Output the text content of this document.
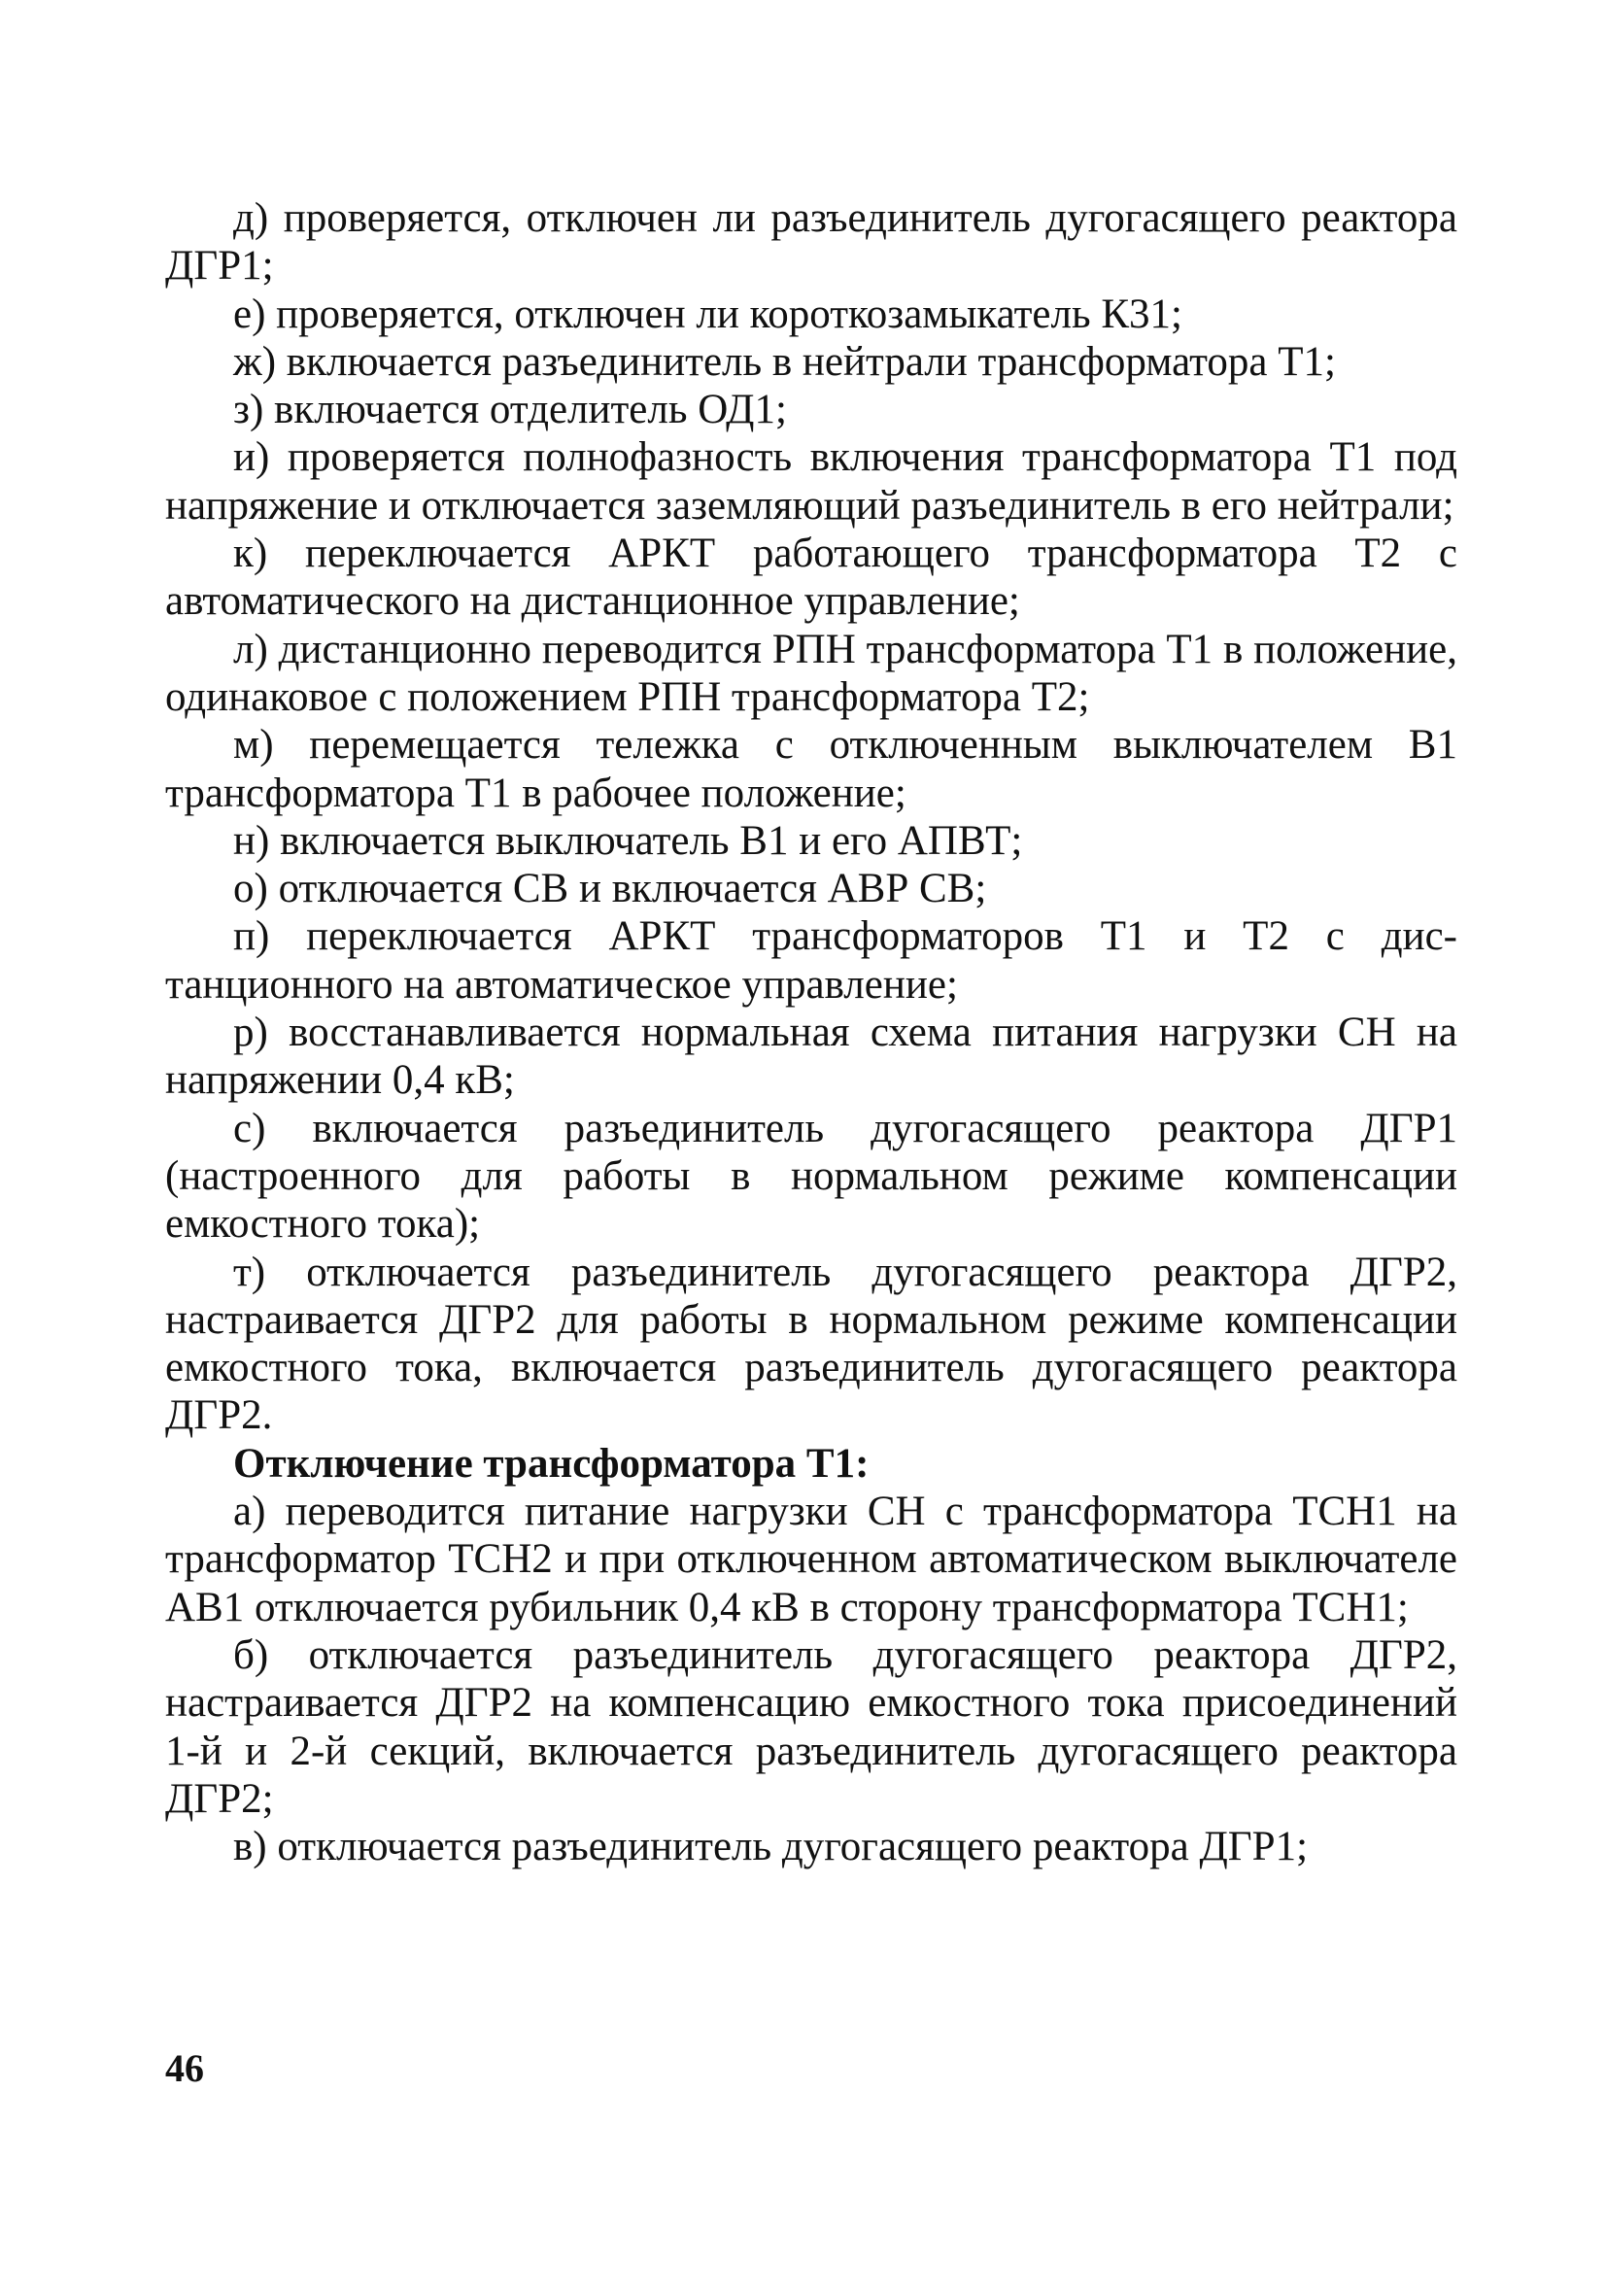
д) проверяется, отключен ли разъединитель дугогасящего реактора ДГР1;

е) проверяется, отключен ли короткозамыкатель К31;

ж) включается разъединитель в нейтрали трансформатора Т1;

з) включается отделитель ОД1;

и) проверяется полнофазность включения трансформатора Т1 под напряжение и отключается заземляющий разъединитель в его нейтрали;

к) переключается АРКТ работающего трансформатора Т2 с автоматического на дистанционное управление;

л) дистанционно переводится РПН трансформатора Т1 в положение, одинаковое с положением РПН трансформатора Т2;

м) перемещается тележка с отключенным выключателем В1 трансформатора Т1 в рабочее положение;

н) включается выключатель В1 и его АПВТ;

о) отключается СВ и включается АВР СВ;

п) переключается АРКТ трансформаторов Т1 и Т2 с дистанционного на автоматическое управление;

р) восстанавливается нормальная схема питания нагрузки СН на напряжении 0,4 кВ;

с) включается разъединитель дугогасящего реактора ДГР1 (настроенного для работы в нормальном режиме компенсации емкостного тока);

т) отключается разъединитель дугогасящего реактора ДГР2, настраивается ДГР2 для работы в нормальном режиме компенсации емкостного тока, включается разъединитель дугогасящего реактора ДГР2.

Отключение трансформатора Т1:

а) переводится питание нагрузки СН с трансформатора ТСН1 на трансформатор ТСН2 и при отключенном автоматическом выключателе АВ1 отключается рубильник 0,4 кВ в сторону трансформатора ТСН1;

б) отключается разъединитель дугогасящего реактора ДГР2, настраивается ДГР2 на компенсацию емкостного тока присоединений 1-й и 2-й секций, включается разъединитель дугогасящего реактора ДГР2;

в) отключается разъединитель дугогасящего реактора ДГР1;

46
